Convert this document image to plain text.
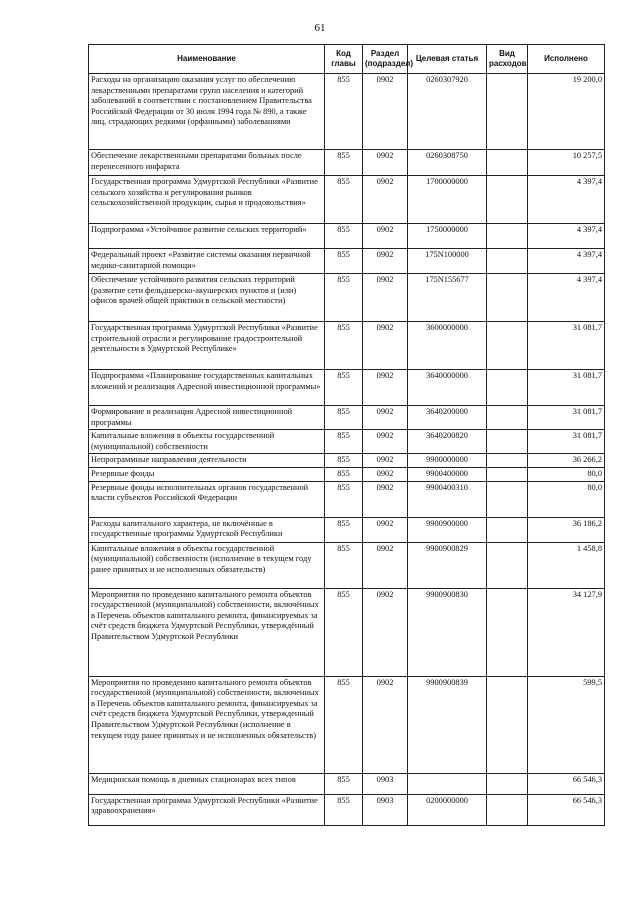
61
Наименование	Код главы	Раздел (подраздел)	Целевая статья	Вид расходов	Исполнено
Расходы на организацию оказания услуг по обеспечению лекарственными препаратами групп населения и категорий заболеваний в соответствии с постановлением Правительства Российской Федерации от 30 июля 1994 года № 890, а также лиц, страдающих редкими (орфанными) заболеваниями	855	0902	0260307920		19 200,0
Обеспечение лекарственными препаратами больных после перенесенного инфаркта	855	0902	0260308750		10 257,5
Государственная программа Удмуртской Республики «Развитие сельского хозяйства и регулирования рынков сельскохозяйственной продукции, сырья и продовольствия»	855	0902	1700000000		4 397,4
Подпрограмма «Устойчивое развитие сельских территорий»	855	0902	1750000000		4 397,4
Федеральный проект «Развитие системы оказания первичной медико-санитарной помощи»	855	0902	175N100000		4 397,4
Обеспечение устойчивого развития сельских территорий (развитие сети фельдшерско-акушерских пунктов и (или) офисов врачей общей практики в сельской местности)	855	0902	175N155677		4 397,4
Государственная программа Удмуртской Республики «Развитие строительной отрасли и регулирование градостроительной деятельности в Удмуртской Республике»	855	0902	3600000000		31 081,7
Подпрограмма «Планирование государственных капитальных вложений и реализация Адресной инвестиционной программы»	855	0902	3640000000		31 081,7
Формирование и реализация Адресной инвестиционной программы	855	0902	3640200000		31 081,7
Капитальные вложения в объекты государственной (муниципальной) собственности	855	0902	3640200820		31 081,7
Непрограммные направления деятельности	855	0902	9900000000		36 266,2
Резервные фонды	855	0902	9900400000		80,0
Резервные фонды исполнительных органов государственной власти субъектов Российской Федерации	855	0902	9900400310		80,0
Расходы капитального характера, не включённые в государственные программы Удмуртской Республики	855	0902	9900900000		36 186,2
Капитальные вложения в объекты государственной (муниципальной) собственности (исполнение в текущем году ранее принятых и не исполненных обязательств)	855	0902	9900900829		1 458,8
Мероприятия по проведению капитального ремонта объектов государственной (муниципальной) собственности, включённых в Перечень объектов капитального ремонта, финансируемых за счёт средств бюджета Удмуртской Республики, утверждённый Правительством Удмуртской Республики	855	0902	9900900830		34 127,9
Мероприятия по проведению капитального ремонта объектов государственной (муниципальной) собственности, включенных в Перечень объектов капитального ремонта, финансируемых за счёт средств бюджета Удмуртской Республики, утвержденный Правительством Удмуртской Республики (исполнение в текущем году ранее принятых и не исполненных обязательств)	855	0902	9900900839		599,5
Медицинская помощь в дневных стационарах всех типов	855	0903			66 546,3
Государственная программа Удмуртской Республики «Развитие здравоохранения»	855	0903	0200000000		66 546,3
